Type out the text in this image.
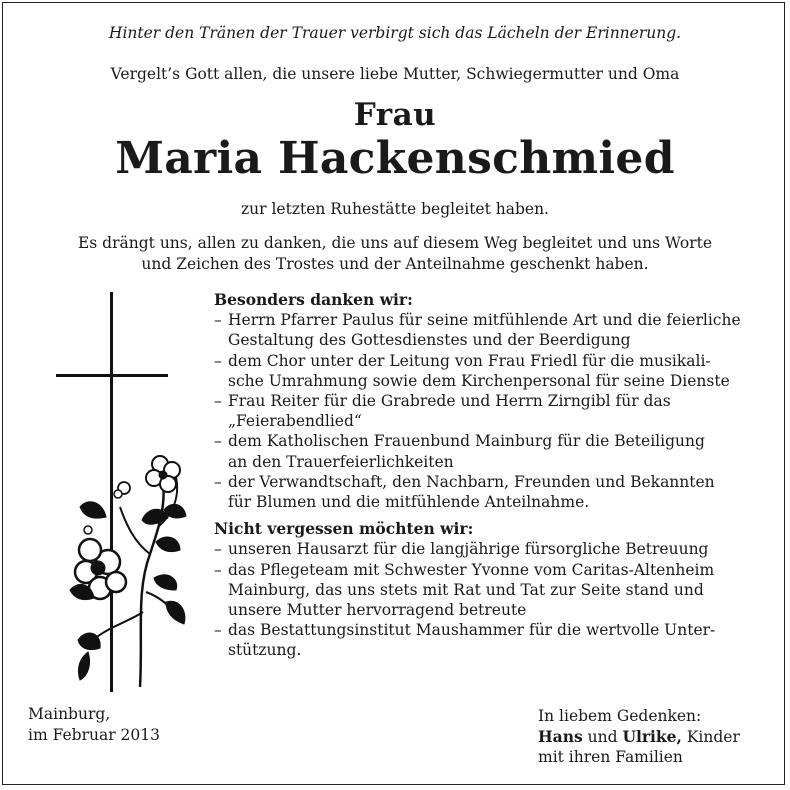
Hinter den Tränen der Trauer verbirgt sich das Lächeln der Erinnerung.
Vergelt’s Gott allen, die unsere liebe Mutter, Schwiegermutter und Oma
Frau
Maria Hackenschmied
zur letzten Ruhestätte begleitet haben.
Es drängt uns, allen zu danken, die uns auf diesem Weg begleitet und uns Worte
und Zeichen des Trostes und der Anteilnahme geschenkt haben.
Besonders danken wir:
– Herrn Pfarrer Paulus für seine mitfühlende Art und die feierliche
Gestaltung des Gottesdienstes und der Beerdigung
– dem Chor unter der Leitung von Frau Friedl für die musikali-
sche Umrahmung sowie dem Kirchenpersonal für seine Dienste
– Frau Reiter für die Grabrede und Herrn Zirngibl für das
„Feierabendlied“
– dem Katholischen Frauenbund Mainburg für die Beteiligung
an den Trauerfeierlichkeiten
– der Verwandtschaft, den Nachbarn, Freunden und Bekannten
für Blumen und die mitfühlende Anteilnahme.
Nicht vergessen möchten wir:
– unseren Hausarzt für die langjährige fürsorgliche Betreuung
– das Pflegeteam mit Schwester Yvonne vom Caritas-Altenheim
Mainburg, das uns stets mit Rat und Tat zur Seite stand und
unsere Mutter hervorragend betreute
– das Bestattungsinstitut Maushammer für die wertvolle Unter-
stützung.
Mainburg,
im Februar 2013
In liebem Gedenken:
Hans und Ulrike, Kinder
mit ihren Familien
